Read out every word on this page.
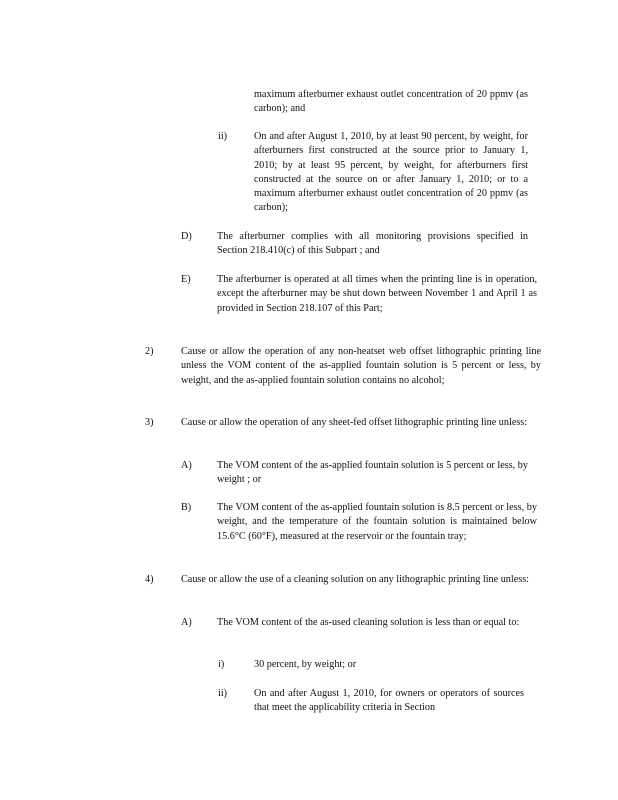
maximum afterburner exhaust outlet concentration of 20 ppmv (as carbon); and
ii)	On and after August 1, 2010, by at least 90 percent, by weight, for afterburners first constructed at the source prior to January 1, 2010; by at least 95 percent, by weight, for afterburners first constructed at the source on or after January 1, 2010; or to a maximum afterburner exhaust outlet concentration of 20 ppmv (as carbon);
D) The afterburner complies with all monitoring provisions specified in Section 218.410(c) of this Subpart ; and
E)	The afterburner is operated at all times when the printing line is in operation, except the afterburner may be shut down between November 1 and April 1 as provided in Section 218.107 of this Part;
2)	Cause or allow the operation of any non-heatset web offset lithographic printing line unless the VOM content of the as-applied fountain solution is 5 percent or less, by weight, and the as-applied fountain solution contains no alcohol;
3)	Cause or allow the operation of any sheet-fed offset lithographic printing line unless:
A) The VOM content of the as-applied fountain solution is 5 percent or less, by weight ; or
B)	The VOM content of the as-applied fountain solution is 8.5 percent or less, by weight, and the temperature of the fountain solution is maintained below 15.6°C (60°F), measured at the reservoir or the fountain tray;
4)	Cause or allow the use of a cleaning solution on any lithographic printing line unless:
A) The VOM content of the as-used cleaning solution is less than or equal to:
i)	30 percent, by weight; or
ii)	On and after August 1, 2010, for owners or operators of sources that meet the applicability criteria in Section
